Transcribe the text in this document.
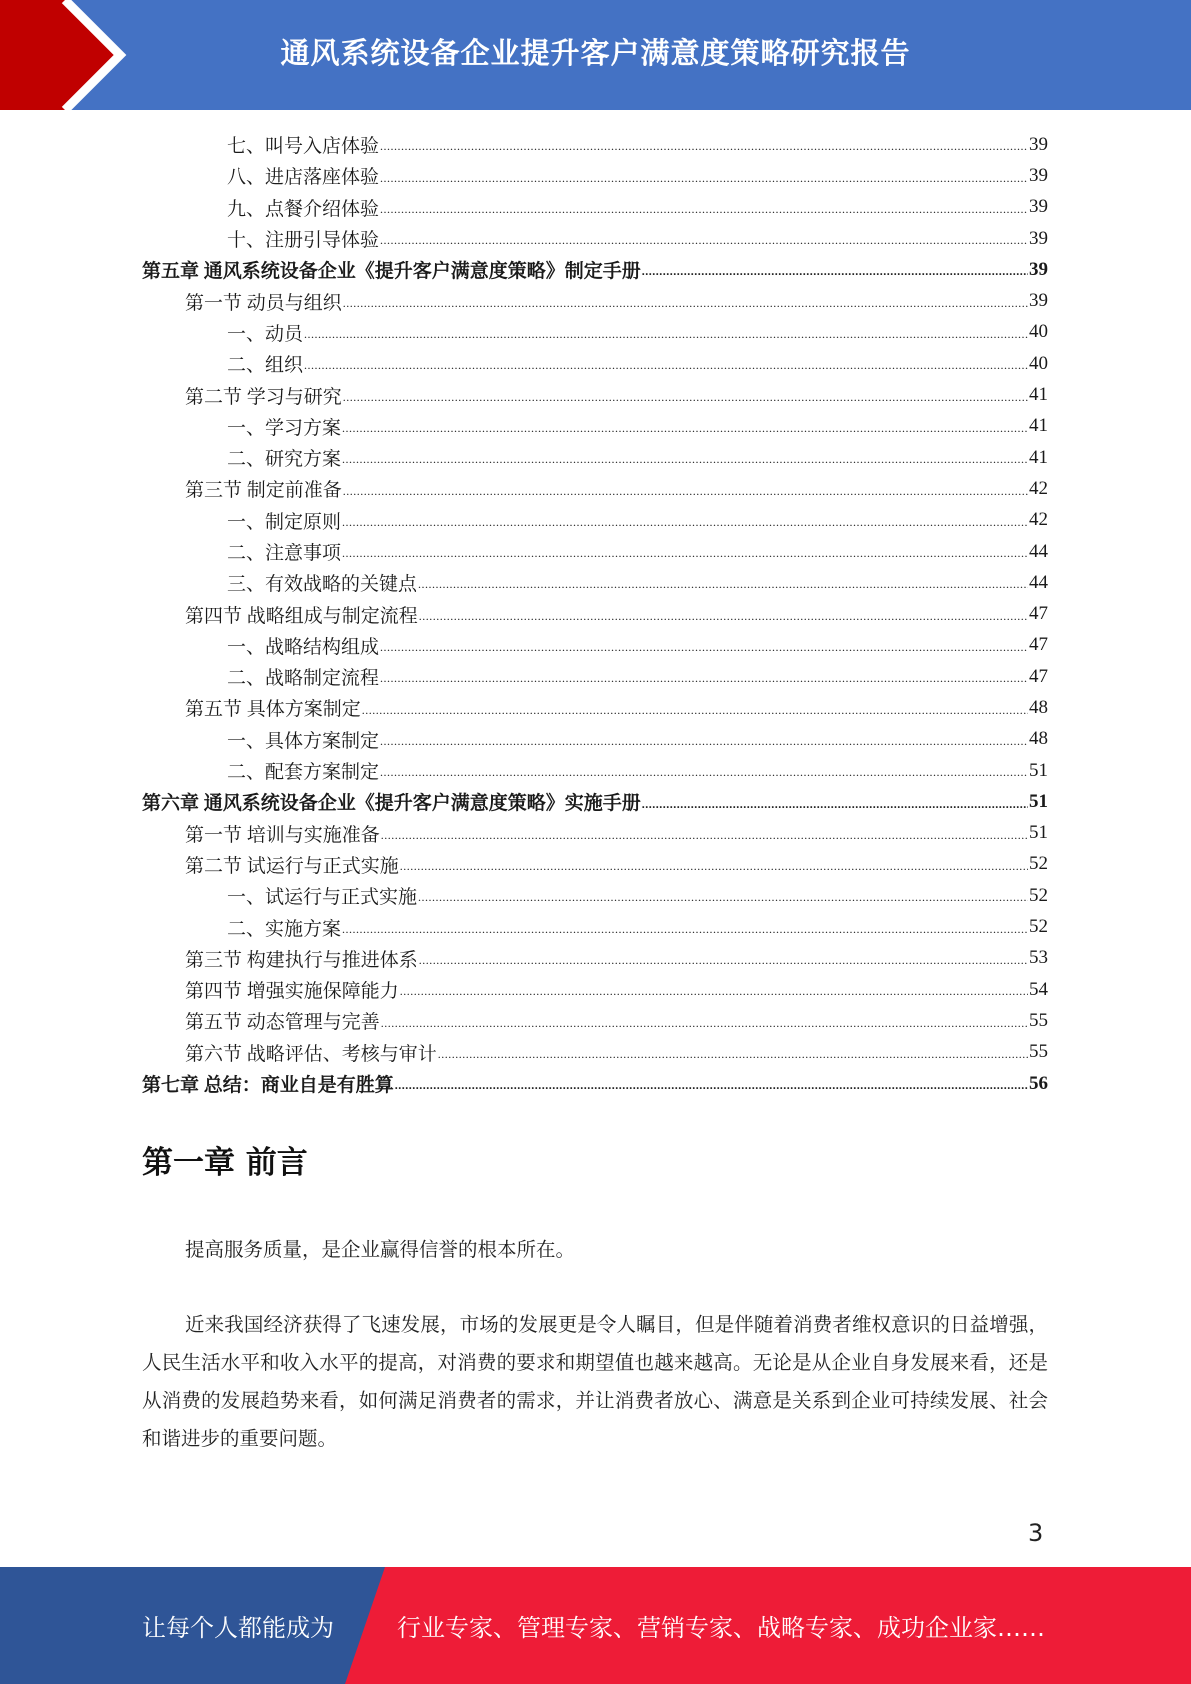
通风系统设备企业提升客户满意度策略研究报告
七、叫号入店体验 .....	39
八、进店落座体验 .....	39
九、点餐介绍体验 .....	39
十、注册引导体验 .....	39
第五章 通风系统设备企业《提升客户满意度策略》制定手册 .....	39
第一节 动员与组织 .....	39
一、动员 .....	40
二、组织 .....	40
第二节 学习与研究 .....	41
一、学习方案 .....	41
二、研究方案 .....	41
第三节 制定前准备 .....	42
一、制定原则 .....	42
二、注意事项 .....	44
三、有效战略的关键点 .....	44
第四节 战略组成与制定流程 .....	47
一、战略结构组成 .....	47
二、战略制定流程 .....	47
第五节 具体方案制定 .....	48
一、具体方案制定 .....	48
二、配套方案制定 .....	51
第六章 通风系统设备企业《提升客户满意度策略》实施手册 .....	51
第一节 培训与实施准备 .....	51
第二节 试运行与正式实施 .....	52
一、试运行与正式实施 .....	52
二、实施方案 .....	52
第三节 构建执行与推进体系 .....	53
第四节 增强实施保障能力 .....	54
第五节 动态管理与完善 .....	55
第六节 战略评估、考核与审计 .....	55
第七章 总结：商业自是有胜算 .....	56
第一章 前言

提高服务质量，是企业赢得信誉的根本所在。

近来我国经济获得了飞速发展，市场的发展更是令人瞩目，但是伴随着消费者维权意识的日益增强，人民生活水平和收入水平的提高，对消费的要求和期望值也越来越高。无论是从企业自身发展来看，还是从消费的发展趋势来看，如何满足消费者的需求，并让消费者放心、满意是关系到企业可持续发展、社会和谐进步的重要问题。

3
让每个人都能成为	行业专家、管理专家、营销专家、战略专家、成功企业家……
